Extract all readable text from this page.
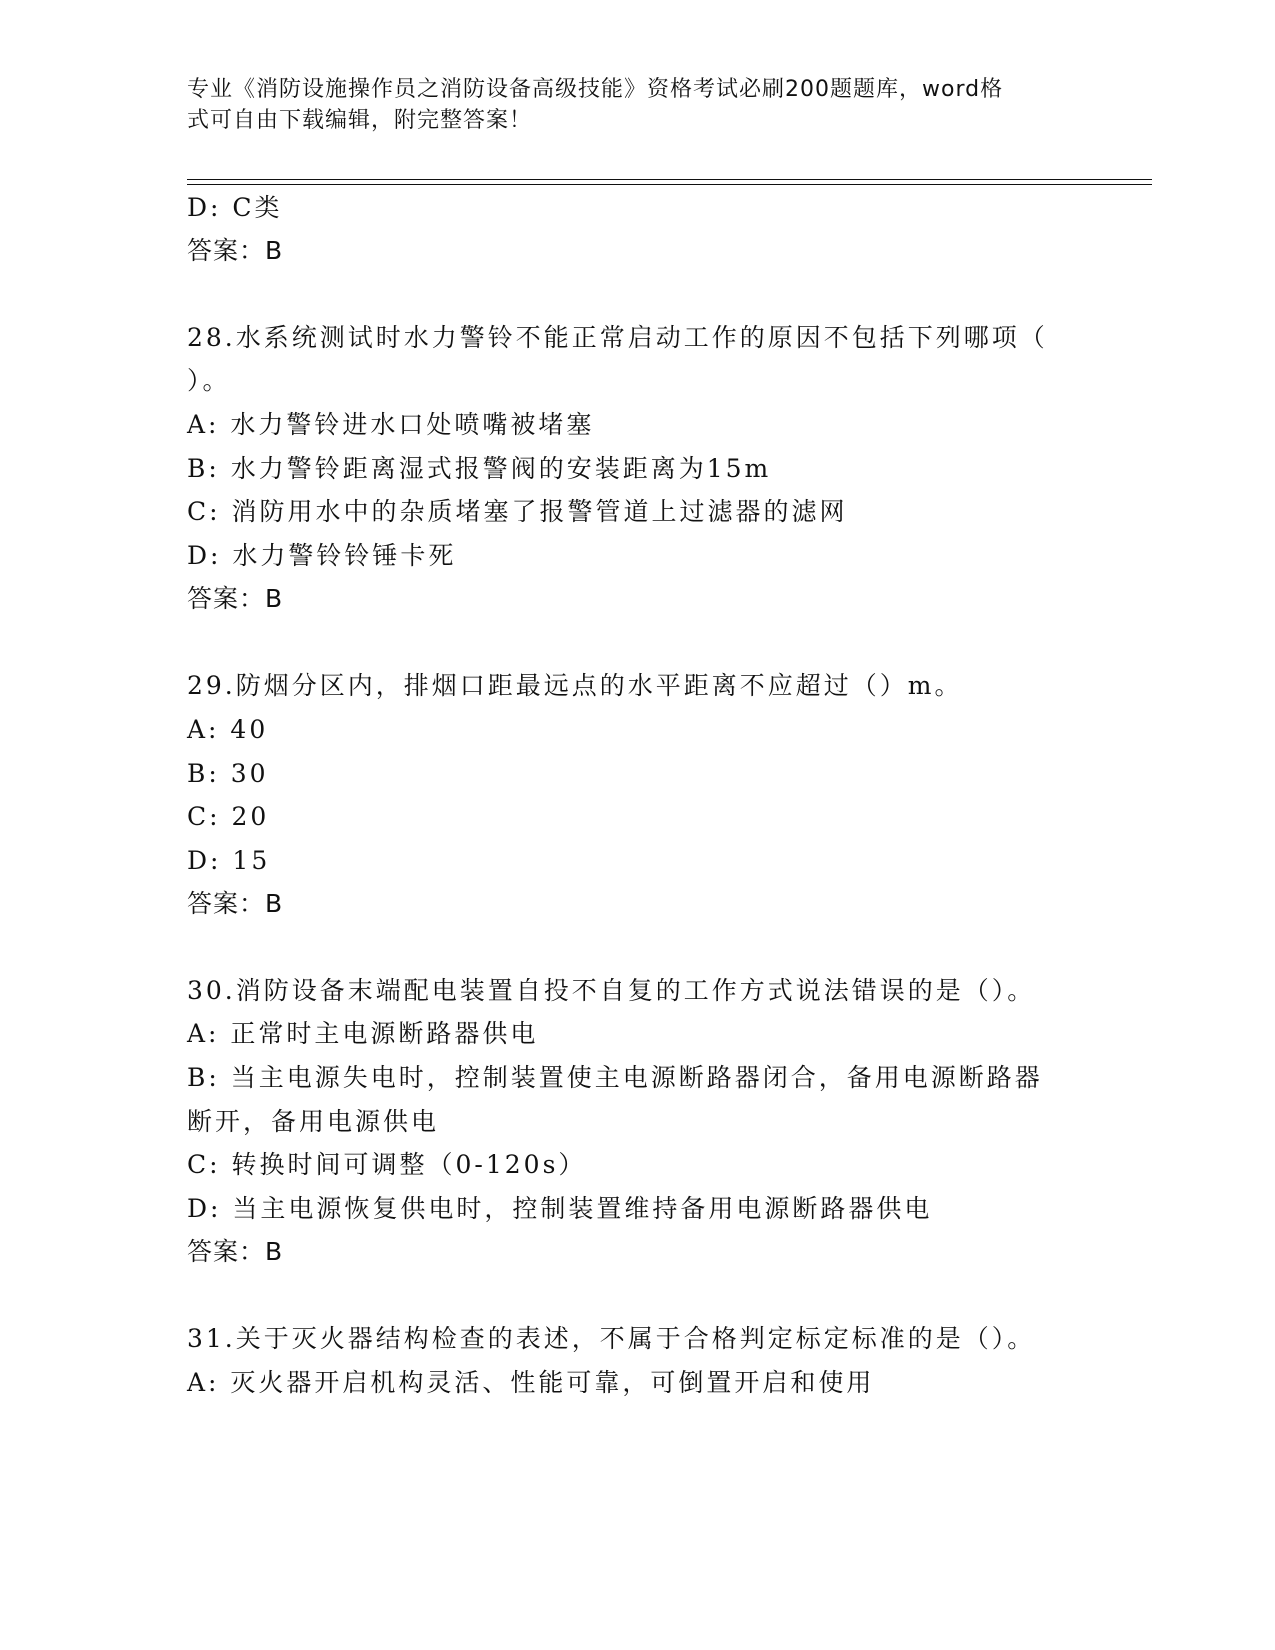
专业《消防设施操作员之消防设备高级技能》资格考试必刷200题题库，word格
式可自由下载编辑，附完整答案！
D: C类
答案：B
28.水系统测试时水力警铃不能正常启动工作的原因不包括下列哪项（
）。
A: 水力警铃进水口处喷嘴被堵塞
B: 水力警铃距离湿式报警阀的安装距离为15m
C: 消防用水中的杂质堵塞了报警管道上过滤器的滤网
D: 水力警铃铃锤卡死
答案：B
29.防烟分区内，排烟口距最远点的水平距离不应超过（）m。
A: 40
B: 30
C: 20
D: 15
答案：B
30.消防设备末端配电装置自投不自复的工作方式说法错误的是（）。
A: 正常时主电源断路器供电
B: 当主电源失电时，控制装置使主电源断路器闭合，备用电源断路器
断开，备用电源供电
C: 转换时间可调整（0-120s）
D: 当主电源恢复供电时，控制装置维持备用电源断路器供电
答案：B
31.关于灭火器结构检查的表述，不属于合格判定标定标准的是（）。
A: 灭火器开启机构灵活、性能可靠，可倒置开启和使用
